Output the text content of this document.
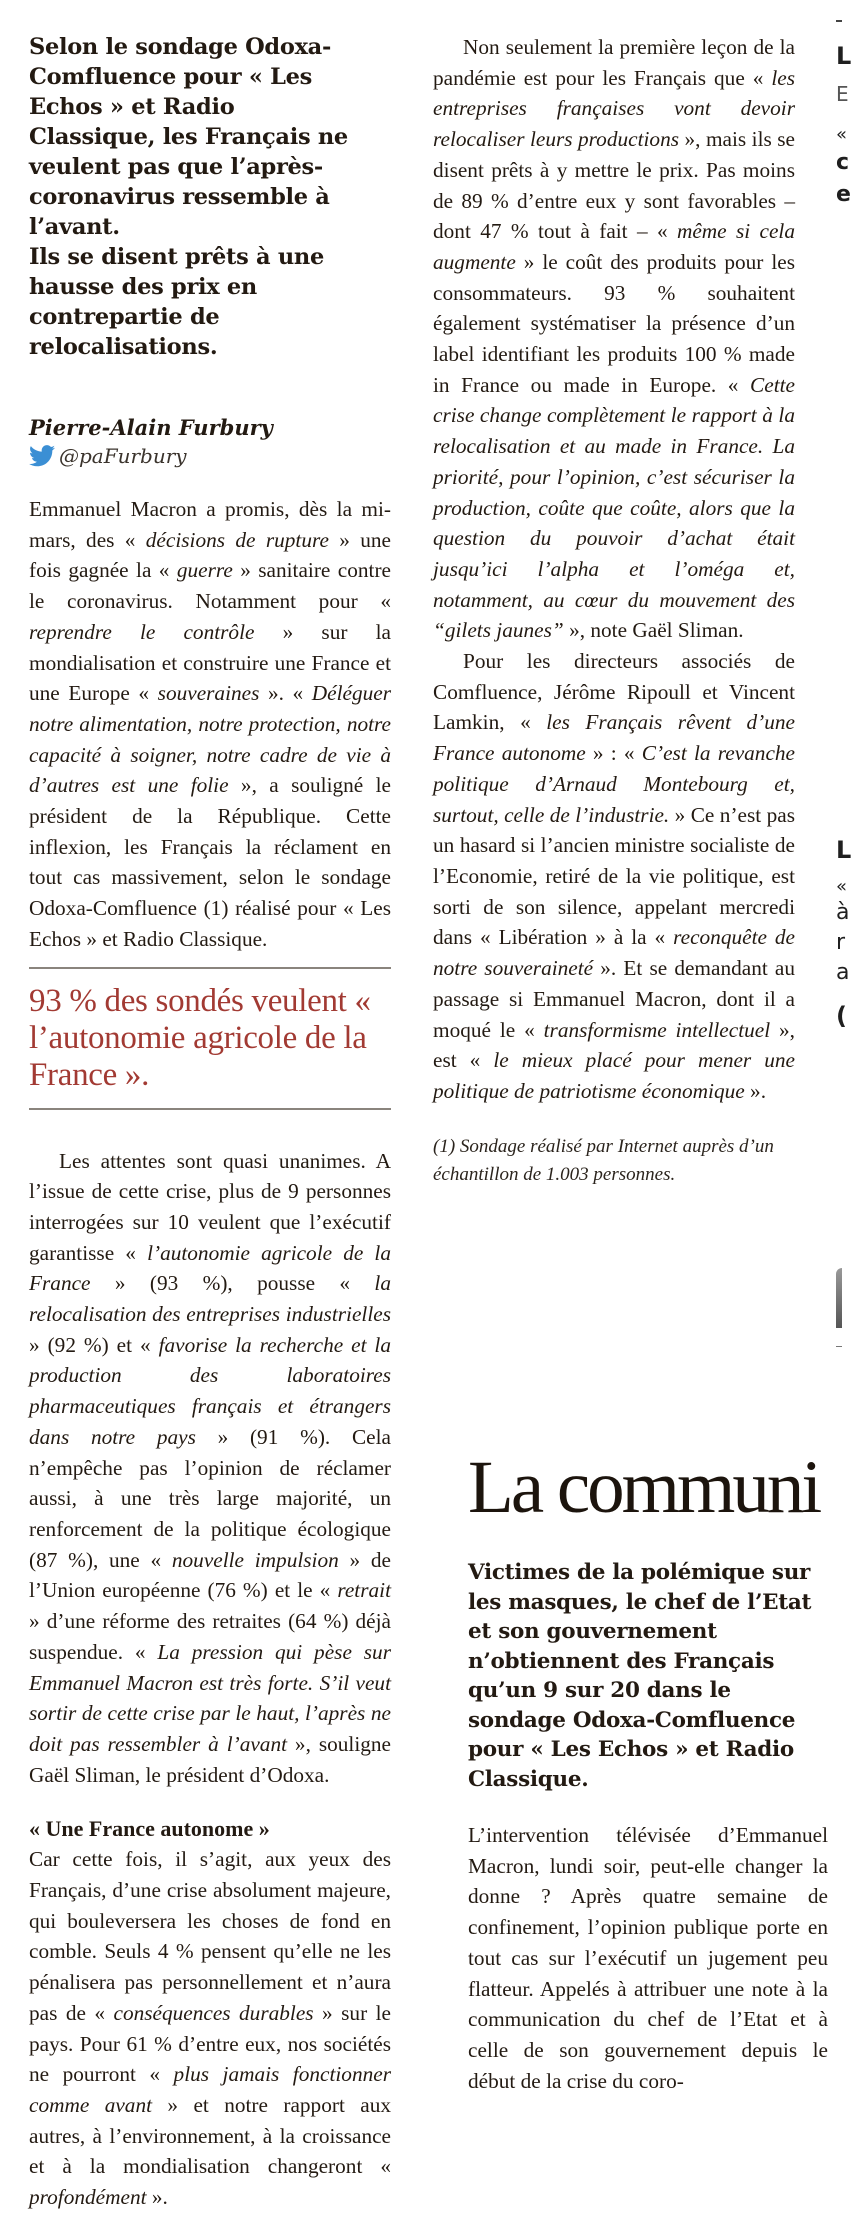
Selon le sondage Odoxa-Comfluence pour « Les Echos » et Radio Classique, les Français ne veulent pas que l’après-coronavirus ressemble à l’avant.

Ils se disent prêts à une hausse des prix en contrepartie de relocalisations.

Pierre-Alain Furbury
@paFurbury

Emmanuel Macron a promis, dès la mi-mars, des « décisions de rupture » une fois gagnée la « guerre » sanitaire contre le coronavirus. Notamment pour « reprendre le contrôle » sur la mondialisation et construire une France et une Europe « souveraines ». « Déléguer notre alimentation, notre protection, notre capacité à soigner, notre cadre de vie à d’autres est une folie », a souligné le président de la République. Cette inflexion, les Français la réclament en tout cas massivement, selon le sondage Odoxa-Comfluence (1) réalisé pour « Les Echos » et Radio Classique.

93 % des sondés veulent « l’autonomie agricole de la France ».

Les attentes sont quasi unanimes. A l’issue de cette crise, plus de 9 personnes interrogées sur 10 veulent que l’exécutif garantisse « l’autonomie agricole de la France » (93 %), pousse « la relocalisation des entreprises industrielles » (92 %) et « favorise la recherche et la production des laboratoires pharmaceutiques français et étrangers dans notre pays » (91 %). Cela n’empêche pas l’opinion de réclamer aussi, à une très large majorité, un renforcement de la politique écologique (87 %), une « nouvelle impulsion » de l’Union européenne (76 %) et le « retrait » d’une réforme des retraites (64 %) déjà suspendue. « La pression qui pèse sur Emmanuel Macron est très forte. S’il veut sortir de cette crise par le haut, l’après ne doit pas ressembler à l’avant », souligne Gaël Sliman, le président d’Odoxa.

« Une France autonome »

Car cette fois, il s’agit, aux yeux des Français, d’une crise absolument majeure, qui bouleversera les choses de fond en comble. Seuls 4 % pensent qu’elle ne les pénalisera pas personnellement et n’aura pas de « conséquences durables » sur le pays. Pour 61 % d’entre eux, nos sociétés ne pourront « plus jamais fonctionner comme avant » et notre rapport aux autres, à l’environnement, à la croissance et à la mondialisation changeront « profondément ».

Non seulement la première leçon de la pandémie est pour les Français que « les entreprises françaises vont devoir relocaliser leurs productions », mais ils se disent prêts à y mettre le prix. Pas moins de 89 % d’entre eux y sont favorables – dont 47 % tout à fait – « même si cela augmente » le coût des produits pour les consommateurs. 93 % souhaitent également systématiser la présence d’un label identifiant les produits 100 % made in France ou made in Europe. « Cette crise change complètement le rapport à la relocalisation et au made in France. La priorité, pour l’opinion, c’est sécuriser la production, coûte que coûte, alors que la question du pouvoir d’achat était jusqu’ici l’alpha et l’oméga et, notamment, au cœur du mouvement des “gilets jaunes” », note Gaël Sliman.

Pour les directeurs associés de Comfluence, Jérôme Ripoull et Vincent Lamkin, « les Français rêvent d’une France autonome » : « C’est la revanche politique d’Arnaud Montebourg et, surtout, celle de l’industrie. » Ce n’est pas un hasard si l’ancien ministre socialiste de l’Economie, retiré de la vie politique, est sorti de son silence, appelant mercredi dans « Libération » à la « reconquête de notre souveraineté ». Et se demandant au passage si Emmanuel Macron, dont il a moqué le « transformisme intellectuel », est « le mieux placé pour mener une politique de patriotisme économique ».

(1) Sondage réalisé par Internet auprès d’un échantillon de 1.003 personnes.

La communi

Victimes de la polémique sur les masques, le chef de l’Etat et son gouvernement n’obtiennent des Français qu’un 9 sur 20 dans le sondage Odoxa-Comfluence pour « Les Echos » et Radio Classique.

L’intervention télévisée d’Emmanuel Macron, lundi soir, peut-elle changer la donne ? Après quatre semaine de confinement, l’opinion publique porte en tout cas sur l’exécutif un jugement peu flatteur. Appelés à attribuer une note à la communication du chef de l’Etat et à celle de son gouvernement depuis le début de la crise du coro-

L
E
«
c
e
L
«
à
r
a
(
